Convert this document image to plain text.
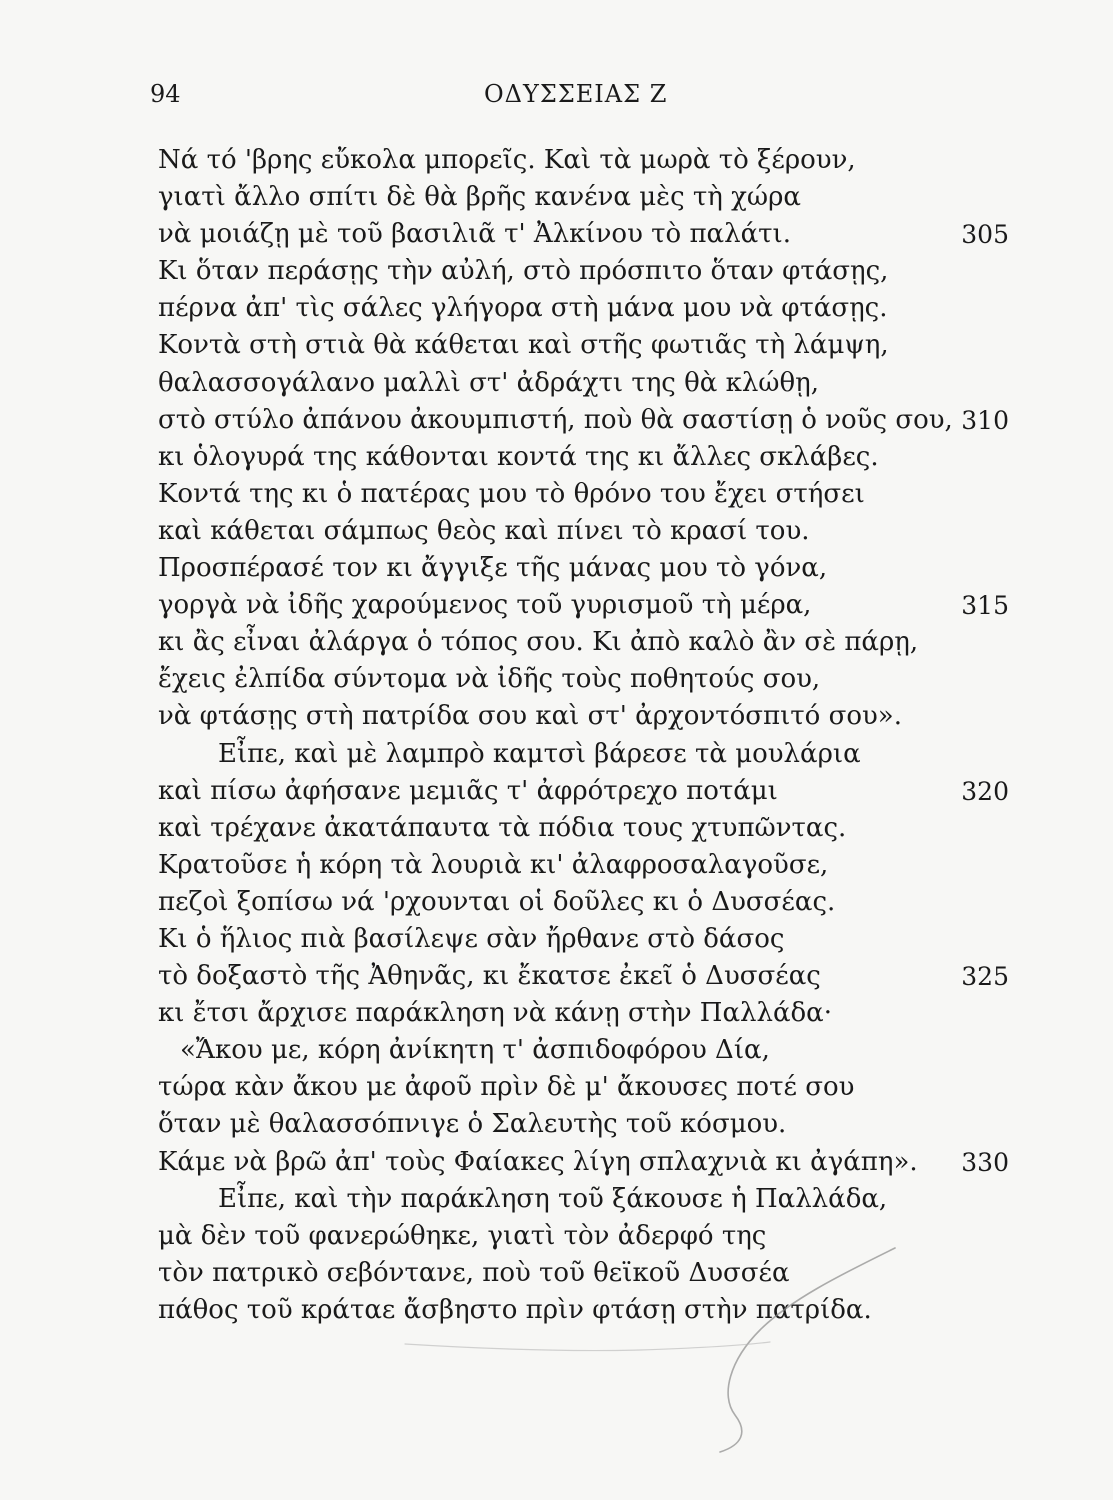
94	ΟΔΥΣΣΕΙΑΣ Ζ
Νά τό 'βρης εὔκολα μπορεῖς. Καὶ τὰ μωρὰ τὸ ξέρουν,
γιατὶ ἄλλο σπίτι δὲ θὰ βρῆς κανένα μὲς τὴ χώρα
νὰ μοιάζῃ μὲ τοῦ βασιλιᾶ τ' Ἀλκίνου τὸ παλάτι.	305
Κι ὅταν περάσῃς τὴν αὐλή, στὸ πρόσπιτο ὅταν φτάσῃς,
πέρνα ἀπ' τὶς σάλες γλήγορα στὴ μάνα μου νὰ φτάσῃς.
Κοντὰ στὴ στιὰ θὰ κάθεται καὶ στῆς φωτιᾶς τὴ λάμψη,
θαλασσογάλανο μαλλὶ στ' ἀδράχτι της θὰ κλώθῃ,
στὸ στύλο ἀπάνου ἀκουμπιστή, ποὺ θὰ σαστίσῃ ὁ νοῦς σου, 310
κι ὁλογυρά της κάθονται κοντά της κι ἄλλες σκλάβες.
Κοντά της κι ὁ πατέρας μου τὸ θρόνο του ἔχει στήσει
καὶ κάθεται σάμπως θεὸς καὶ πίνει τὸ κρασί του.
Προσπέρασέ τον κι ἄγγιξε τῆς μάνας μου τὸ γόνα,
γοργὰ νὰ ἰδῆς χαρούμενος τοῦ γυρισμοῦ τὴ μέρα,	315
κι ἂς εἶναι ἀλάργα ὁ τόπος σου. Κι ἀπὸ καλὸ ἂν σὲ πάρῃ,
ἔχεις ἐλπίδα σύντομα νὰ ἰδῆς τοὺς ποθητούς σου,
νὰ φτάσῃς στὴ πατρίδα σου καὶ στ' ἀρχοντόσπιτό σου».
Εἶπε, καὶ μὲ λαμπρὸ καμτσὶ βάρεσε τὰ μουλάρια
καὶ πίσω ἀφήσανε μεμιᾶς τ' ἀφρότρεχο ποτάμι	320
καὶ τρέχανε ἀκατάπαυτα τὰ πόδια τους χτυπῶντας.
Κρατοῦσε ἡ κόρη τὰ λουριὰ κι' ἀλαφροσαλαγοῦσε,
πεζοὶ ξοπίσω νά 'ρχουνται οἱ δοῦλες κι ὁ Δυσσέας.
Κι ὁ ἥλιος πιὰ βασίλεψε σὰν ἤρθανε στὸ δάσος
τὸ δοξαστὸ τῆς Ἀθηνᾶς, κι ἔκατσε ἐκεῖ ὁ Δυσσέας	325
κι ἔτσι ἄρχισε παράκληση νὰ κάνῃ στὴν Παλλάδα·
«Ἄκου με, κόρη ἀνίκητη τ' ἀσπιδοφόρου Δία,
τώρα κὰν ἄκου με ἀφοῦ πρὶν δὲ μ' ἄκουσες ποτέ σου
ὅταν μὲ θαλασσόπνιγε ὁ Σαλευτὴς τοῦ κόσμου.
Κάμε νὰ βρῶ ἀπ' τοὺς Φαίακες λίγη σπλαχνιὰ κι ἀγάπη». 330
Εἶπε, καὶ τὴν παράκληση τοῦ ξάκουσε ἡ Παλλάδα,
μὰ δὲν τοῦ φανερώθηκε, γιατὶ τὸν ἀδερφό της
τὸν πατρικὸ σεβόντανε, ποὺ τοῦ θεϊκοῦ Δυσσέα
πάθος τοῦ κράταε ἄσβηστο πρὶν φτάσῃ στὴν πατρίδα.
